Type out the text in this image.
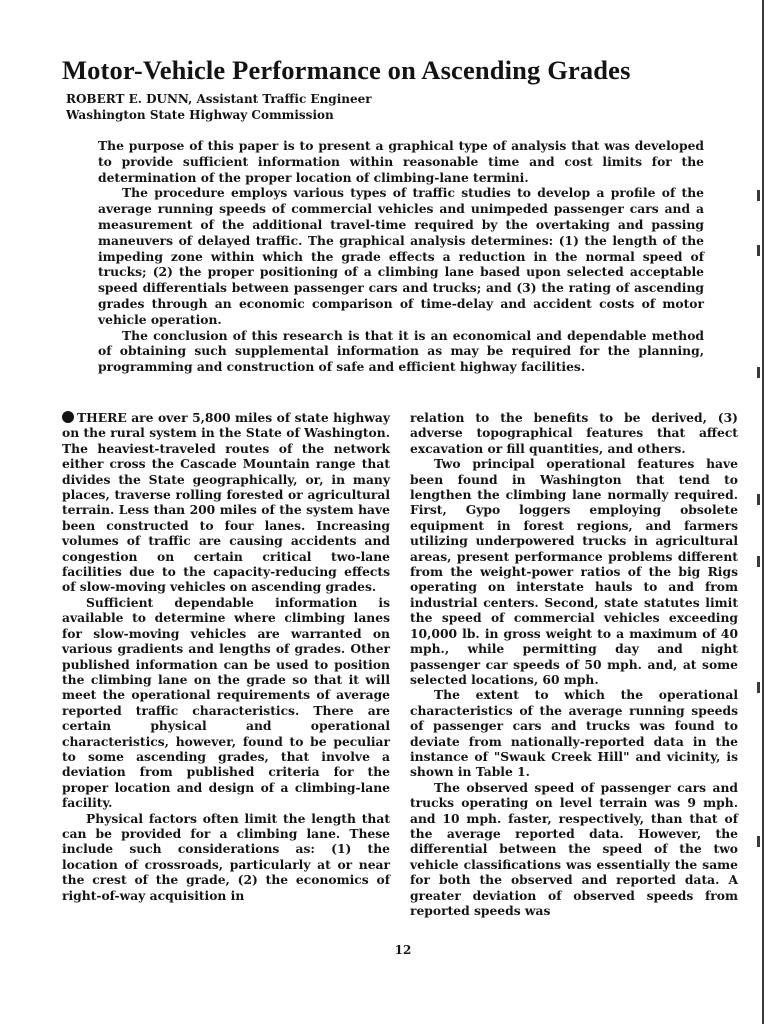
Motor-Vehicle Performance on Ascending Grades
ROBERT E. DUNN, Assistant Traffic Engineer
Washington State Highway Commission

The purpose of this paper is to present a graphical type of analysis that was developed to provide sufficient information within reasonable time and cost limits for the determination of the proper location of climbing-lane termini.

The procedure employs various types of traffic studies to develop a profile of the average running speeds of commercial vehicles and unimpeded passenger cars and a measurement of the additional travel-time required by the overtaking and passing maneuvers of delayed traffic. The graphical analysis determines: (1) the length of the impeding zone within which the grade effects a reduction in the normal speed of trucks; (2) the proper positioning of a climbing lane based upon selected acceptable speed differentials between passenger cars and trucks; and (3) the rating of ascending grades through an economic comparison of time-delay and accident costs of motor vehicle operation.

The conclusion of this research is that it is an economical and dependable method of obtaining such supplemental information as may be required for the planning, programming and construction of safe and efficient highway facilities.

THERE are over 5,800 miles of state highway on the rural system in the State of Washington. The heaviest-traveled routes of the network either cross the Cascade Mountain range that divides the State geographically, or, in many places, traverse rolling forested or agricultural terrain. Less than 200 miles of the system have been constructed to four lanes. Increasing volumes of traffic are causing accidents and congestion on certain critical two-lane facilities due to the capacity-reducing effects of slow-moving vehicles on ascending grades.

Sufficient dependable information is available to determine where climbing lanes for slow-moving vehicles are warranted on various gradients and lengths of grades. Other published information can be used to position the climbing lane on the grade so that it will meet the operational requirements of average reported traffic characteristics. There are certain physical and operational characteristics, however, found to be peculiar to some ascending grades, that involve a deviation from published criteria for the proper location and design of a climbing-lane facility.

Physical factors often limit the length that can be provided for a climbing lane. These include such considerations as: (1) the location of crossroads, particularly at or near the crest of the grade, (2) the economics of right-of-way acquisition in

relation to the benefits to be derived, (3) adverse topographical features that affect excavation or fill quantities, and others.

Two principal operational features have been found in Washington that tend to lengthen the climbing lane normally required. First, Gypo loggers employing obsolete equipment in forest regions, and farmers utilizing underpowered trucks in agricultural areas, present performance problems different from the weight-power ratios of the big Rigs operating on interstate hauls to and from industrial centers. Second, state statutes limit the speed of commercial vehicles exceeding 10,000 lb. in gross weight to a maximum of 40 mph., while permitting day and night passenger car speeds of 50 mph. and, at some selected locations, 60 mph.

The extent to which the operational characteristics of the average running speeds of passenger cars and trucks was found to deviate from nationally-reported data in the instance of "Swauk Creek Hill" and vicinity, is shown in Table 1.

The observed speed of passenger cars and trucks operating on level terrain was 9 mph. and 10 mph. faster, respectively, than that of the average reported data. However, the differential between the speed of the two vehicle classifications was essentially the same for both the observed and reported data. A greater deviation of observed speeds from reported speeds was

12
